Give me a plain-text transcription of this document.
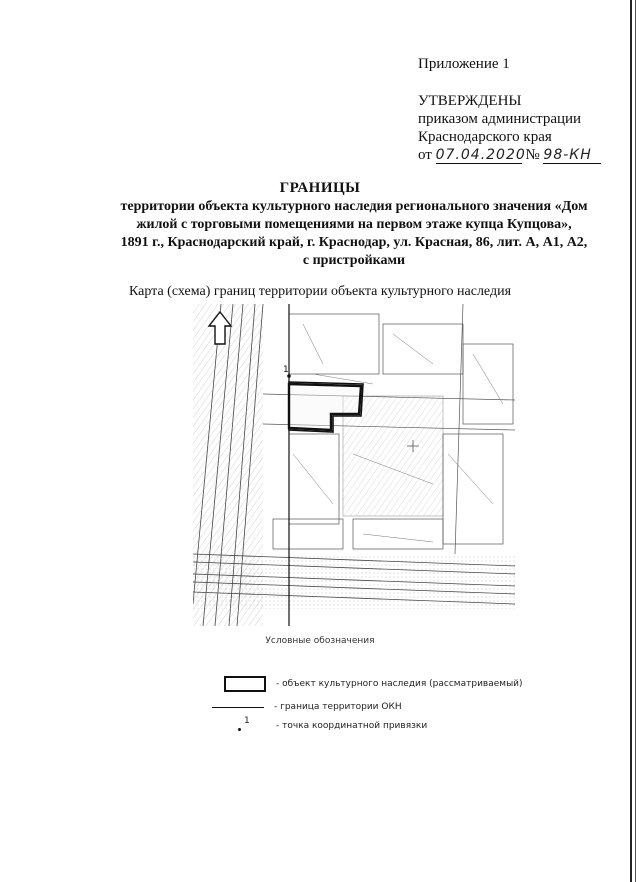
Приложение 1
УТВЕРЖДЕНЫ
приказом администрации
Краснодарского края
от 07.04.2020 № 98-КН
ГРАНИЦЫ
территории объекта культурного наследия регионального значения «Дом
жилой с торговыми помещениями на первом этаже купца Купцова»,
1891 г., Краснодарский край, г. Краснодар, ул. Красная, 86, лит. А, А1, А2,
с пристройками
Карта (схема) границ территории объекта культурного наследия
1
Условные обозначения
- объект культурного наследия (рассматриваемый)
- граница территории ОКН
1	- точка координатной привязки
